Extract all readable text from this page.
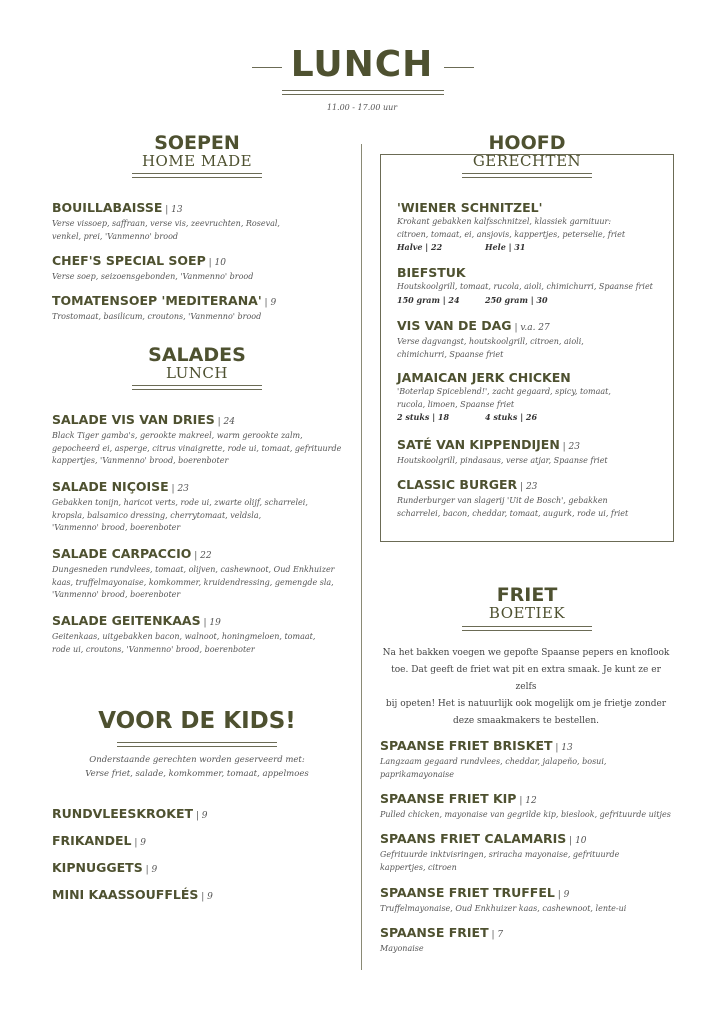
LUNCH
11.00 - 17.00 uur
SOEPEN
HOME MADE
BOUILLABAISSE | 13
Verse vissoep, saffraan, verse vis, zeevruchten, Roseval,
venkel, prei, 'Vanmenno' brood
CHEF'S SPECIAL SOEP | 10
Verse soep, seizoensgebonden, 'Vanmenno' brood
TOMATENSOEP 'MEDITERANA' | 9
Trostomaat, basilicum, croutons, 'Vanmenno' brood
SALADES
LUNCH
SALADE VIS VAN DRIES | 24
Black Tiger gamba's, gerookte makreel, warm gerookte zalm,
gepocheerd ei, asperge, citrus vinaigrette, rode ui, tomaat, gefrituurde
kappertjes, 'Vanmenno' brood, boerenboter
SALADE NIÇOISE | 23
Gebakken tonijn, haricot verts, rode ui, zwarte olijf, scharrelei,
kropsla, balsamico dressing, cherrytomaat, veldsla,
'Vanmenno' brood, boerenboter
SALADE CARPACCIO | 22
Dungesneden rundvlees, tomaat, olijven, cashewnoot, Oud Enkhuizer
kaas, truffelmayonaise, komkommer, kruidendressing, gemengde sla,
'Vanmenno' brood, boerenboter
SALADE GEITENKAAS | 19
Geitenkaas, uitgebakken bacon, walnoot, honingmeloen, tomaat,
rode ui, croutons, 'Vanmenno' brood, boerenboter
VOOR DE KIDS!
Onderstaande gerechten worden geserveerd met:
Verse friet, salade, komkommer, tomaat, appelmoes
RUNDVLEESKROKET | 9
FRIKANDEL | 9
KIPNUGGETS | 9
MINI KAASSOUFFLÉS | 9
HOOFD
GERECHTEN
'WIENER SCHNITZEL'
Krokant gebakken kalfsschnitzel, klassiek garnituur:
citroen, tomaat, ei, ansjovis, kappertjes, peterselie, friet
Halve | 22	Hele | 31
BIEFSTUK
Houtskoolgrill, tomaat, rucola, aioli, chimichurri, Spaanse friet
150 gram | 24	250 gram | 30
VIS VAN DE DAG | v.a. 27
Verse dagvangst, houtskoolgrill, citroen, aioli,
chimichurri, Spaanse friet
JAMAICAN JERK CHICKEN
'Boterlap Spiceblend!', zacht gegaard, spicy, tomaat,
rucola, limoen, Spaanse friet
2 stuks | 18	4 stuks | 26
SATÉ VAN KIPPENDIJEN | 23
Houtskoolgrill, pindasaus, verse atjar, Spaanse friet
CLASSIC BURGER | 23
Runderburger van slagerij 'Uit de Bosch', gebakken
scharrelei, bacon, cheddar, tomaat, augurk, rode ui, friet
FRIET
BOETIEK
Na het bakken voegen we gepofte Spaanse pepers en knoflook
toe. Dat geeft de friet wat pit en extra smaak. Je kunt ze er zelfs
bij opeten! Het is natuurlijk ook mogelijk om je frietje zonder
deze smaakmakers te bestellen.
SPAANSE FRIET BRISKET | 13
Langzaam gegaard rundvlees, cheddar, jalapeño, bosui,
paprikamayonaise
SPAANSE FRIET KIP | 12
Pulled chicken, mayonaise van gegrilde kip, bieslook, gefrituurde uitjes
SPAANS FRIET CALAMARIS | 10
Gefrituurde inktvisringen, sriracha mayonaise, gefrituurde
kappertjes, citroen
SPAANSE FRIET TRUFFEL | 9
Truffelmayonaise, Oud Enkhuizer kaas, cashewnoot, lente-ui
SPAANSE FRIET | 7
Mayonaise
